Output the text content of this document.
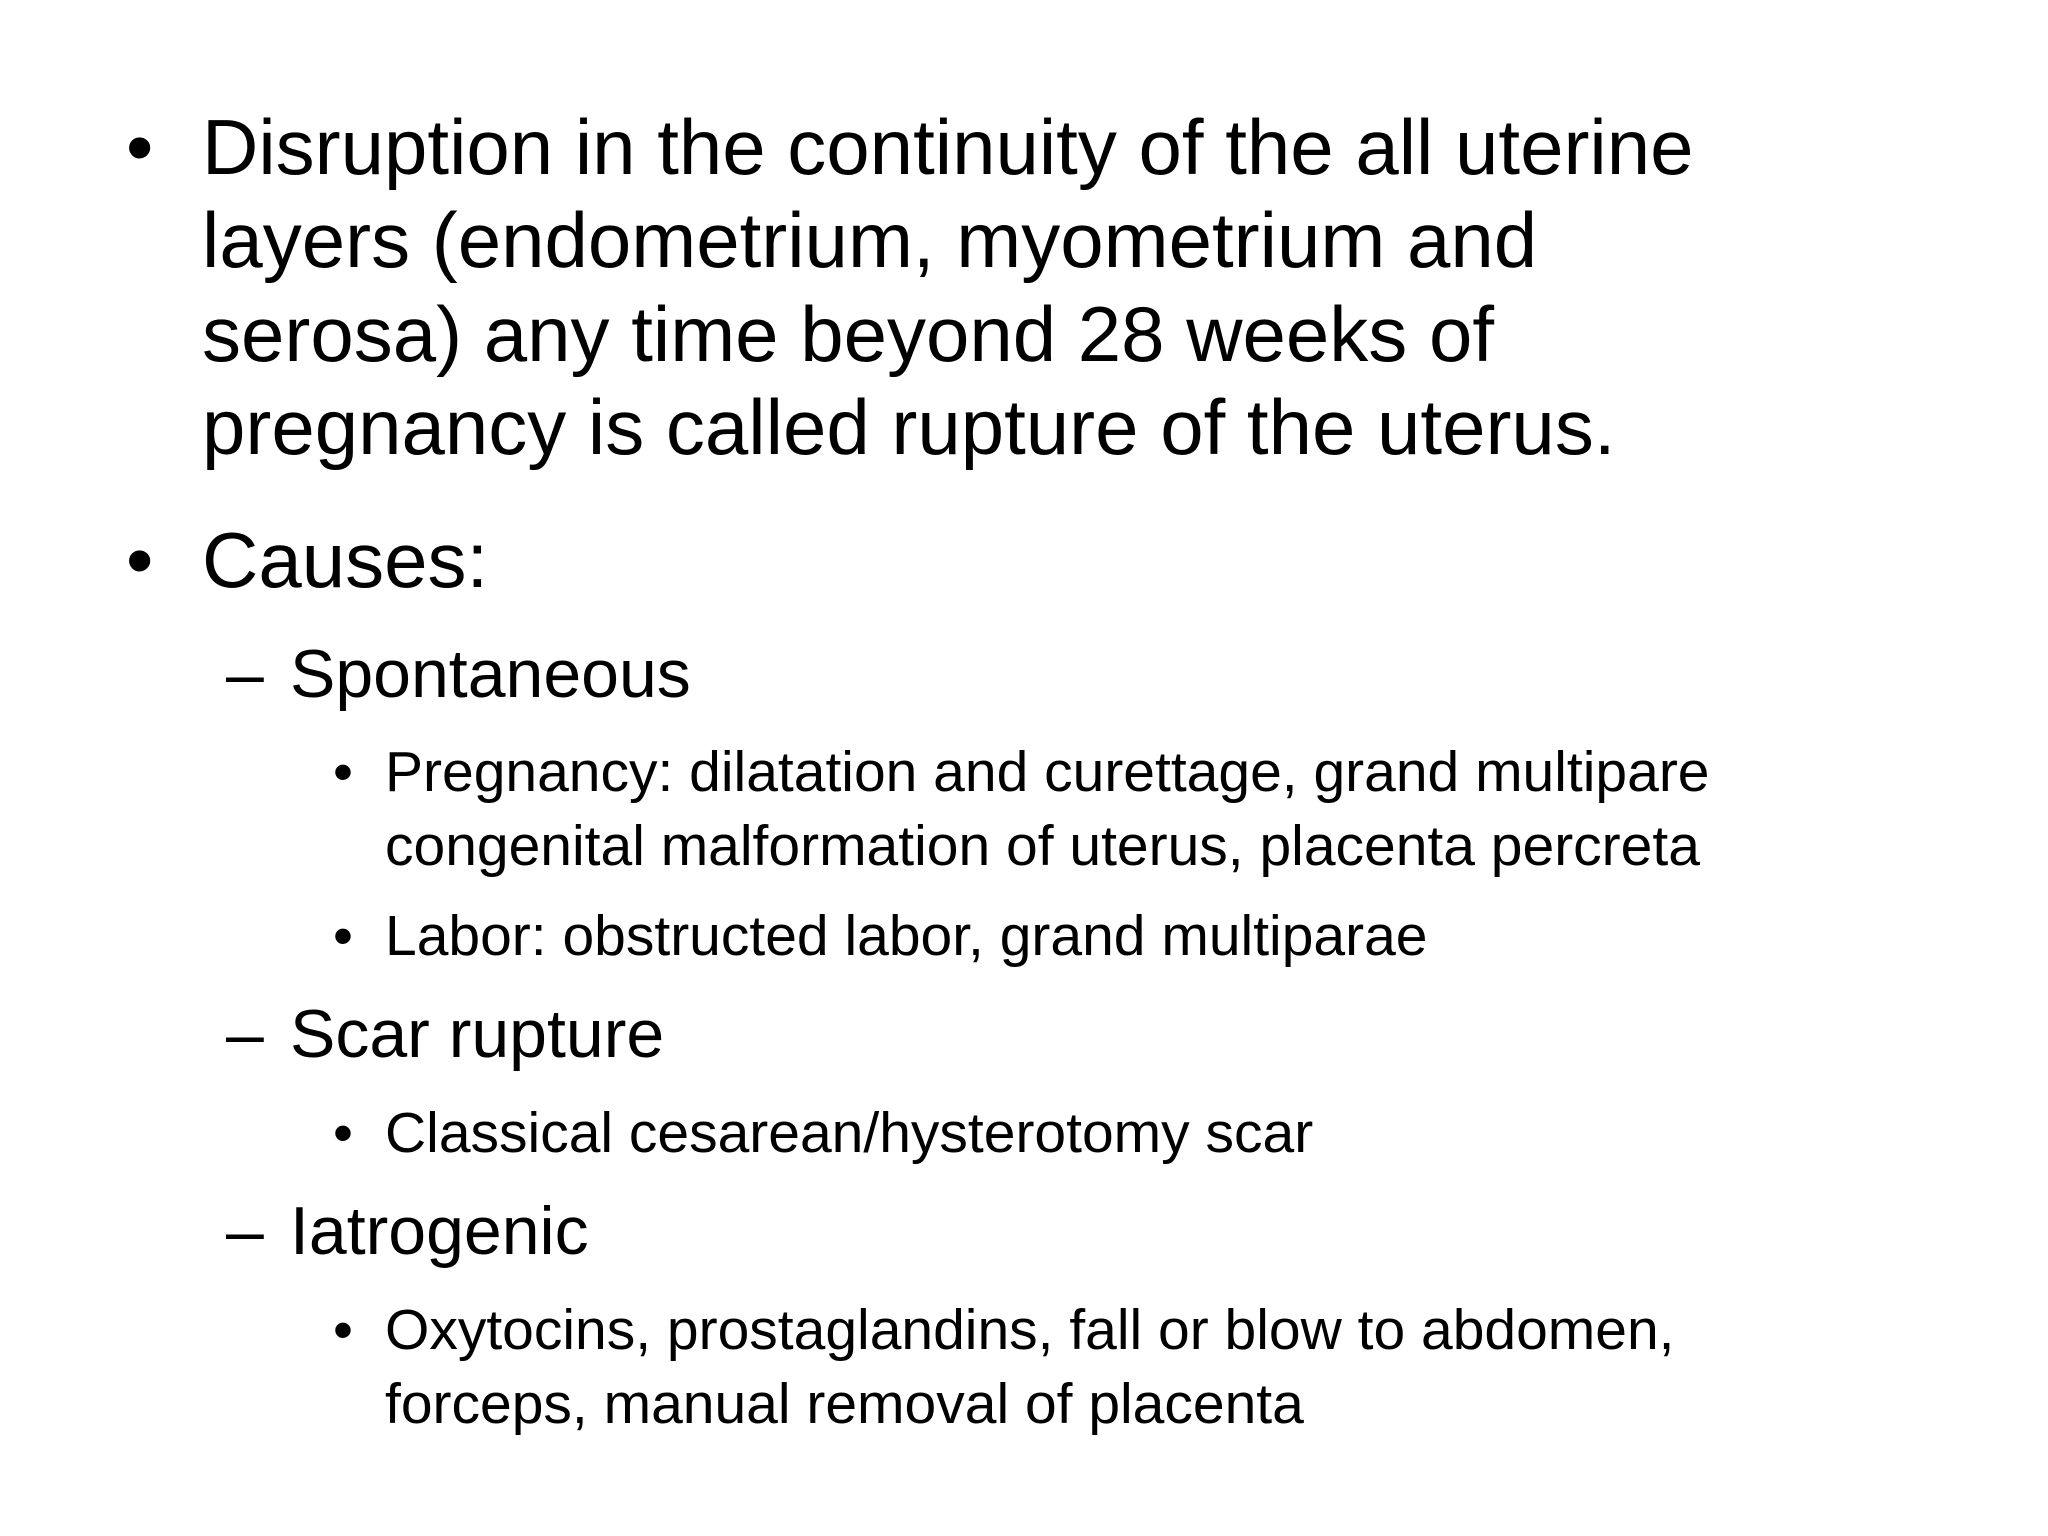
• Disruption in the continuity of the all uterine
layers (endometrium, myometrium and
serosa) any time beyond 28 weeks of
pregnancy is called rupture of the uterus.
• Causes:
– Spontaneous
• Pregnancy: dilatation and curettage, grand multipare
congenital malformation of uterus, placenta percreta
• Labor: obstructed labor, grand multiparae
– Scar rupture
• Classical cesarean/hysterotomy scar
– Iatrogenic
• Oxytocins, prostaglandins, fall or blow to abdomen,
forceps, manual removal of placenta
